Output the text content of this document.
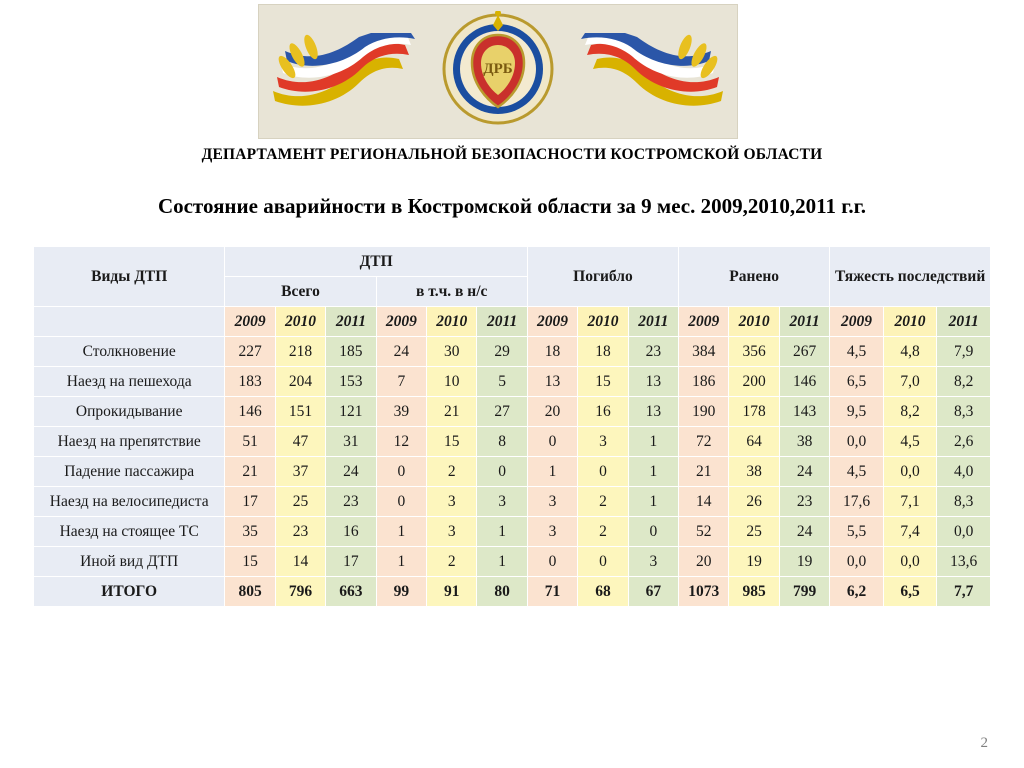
ДРБ
ДЕПАРТАМЕНТ РЕГИОНАЛЬНОЙ БЕЗОПАСНОСТИ КОСТРОМСКОЙ ОБЛАСТИ
Состояние аварийности в Костромской области за 9 мес. 2009,2010,2011 г.г.
Виды ДТП	ДТП						Погибло			Ранено			Тяжесть последствий		
	Всего			в т.ч. в н/с											
	2009	2010	2011	2009	2010	2011	2009	2010	2011	2009	2010	2011	2009	2010	2011
Столкновение	227	218	185	24	30	29	18	18	23	384	356	267	4,5	4,8	7,9
Наезд на пешехода	183	204	153	7	10	5	13	15	13	186	200	146	6,5	7,0	8,2
Опрокидывание	146	151	121	39	21	27	20	16	13	190	178	143	9,5	8,2	8,3
Наезд на препятствие	51	47	31	12	15	8	0	3	1	72	64	38	0,0	4,5	2,6
Падение пассажира	21	37	24	0	2	0	1	0	1	21	38	24	4,5	0,0	4,0
Наезд на велосипедиста	17	25	23	0	3	3	3	2	1	14	26	23	17,6	7,1	8,3
Наезд на стоящее ТС	35	23	16	1	3	1	3	2	0	52	25	24	5,5	7,4	0,0
Иной вид ДТП	15	14	17	1	2	1	0	0	3	20	19	19	0,0	0,0	13,6
ИТОГО	805	796	663	99	91	80	71	68	67	1073	985	799	6,2	6,5	7,7
2
